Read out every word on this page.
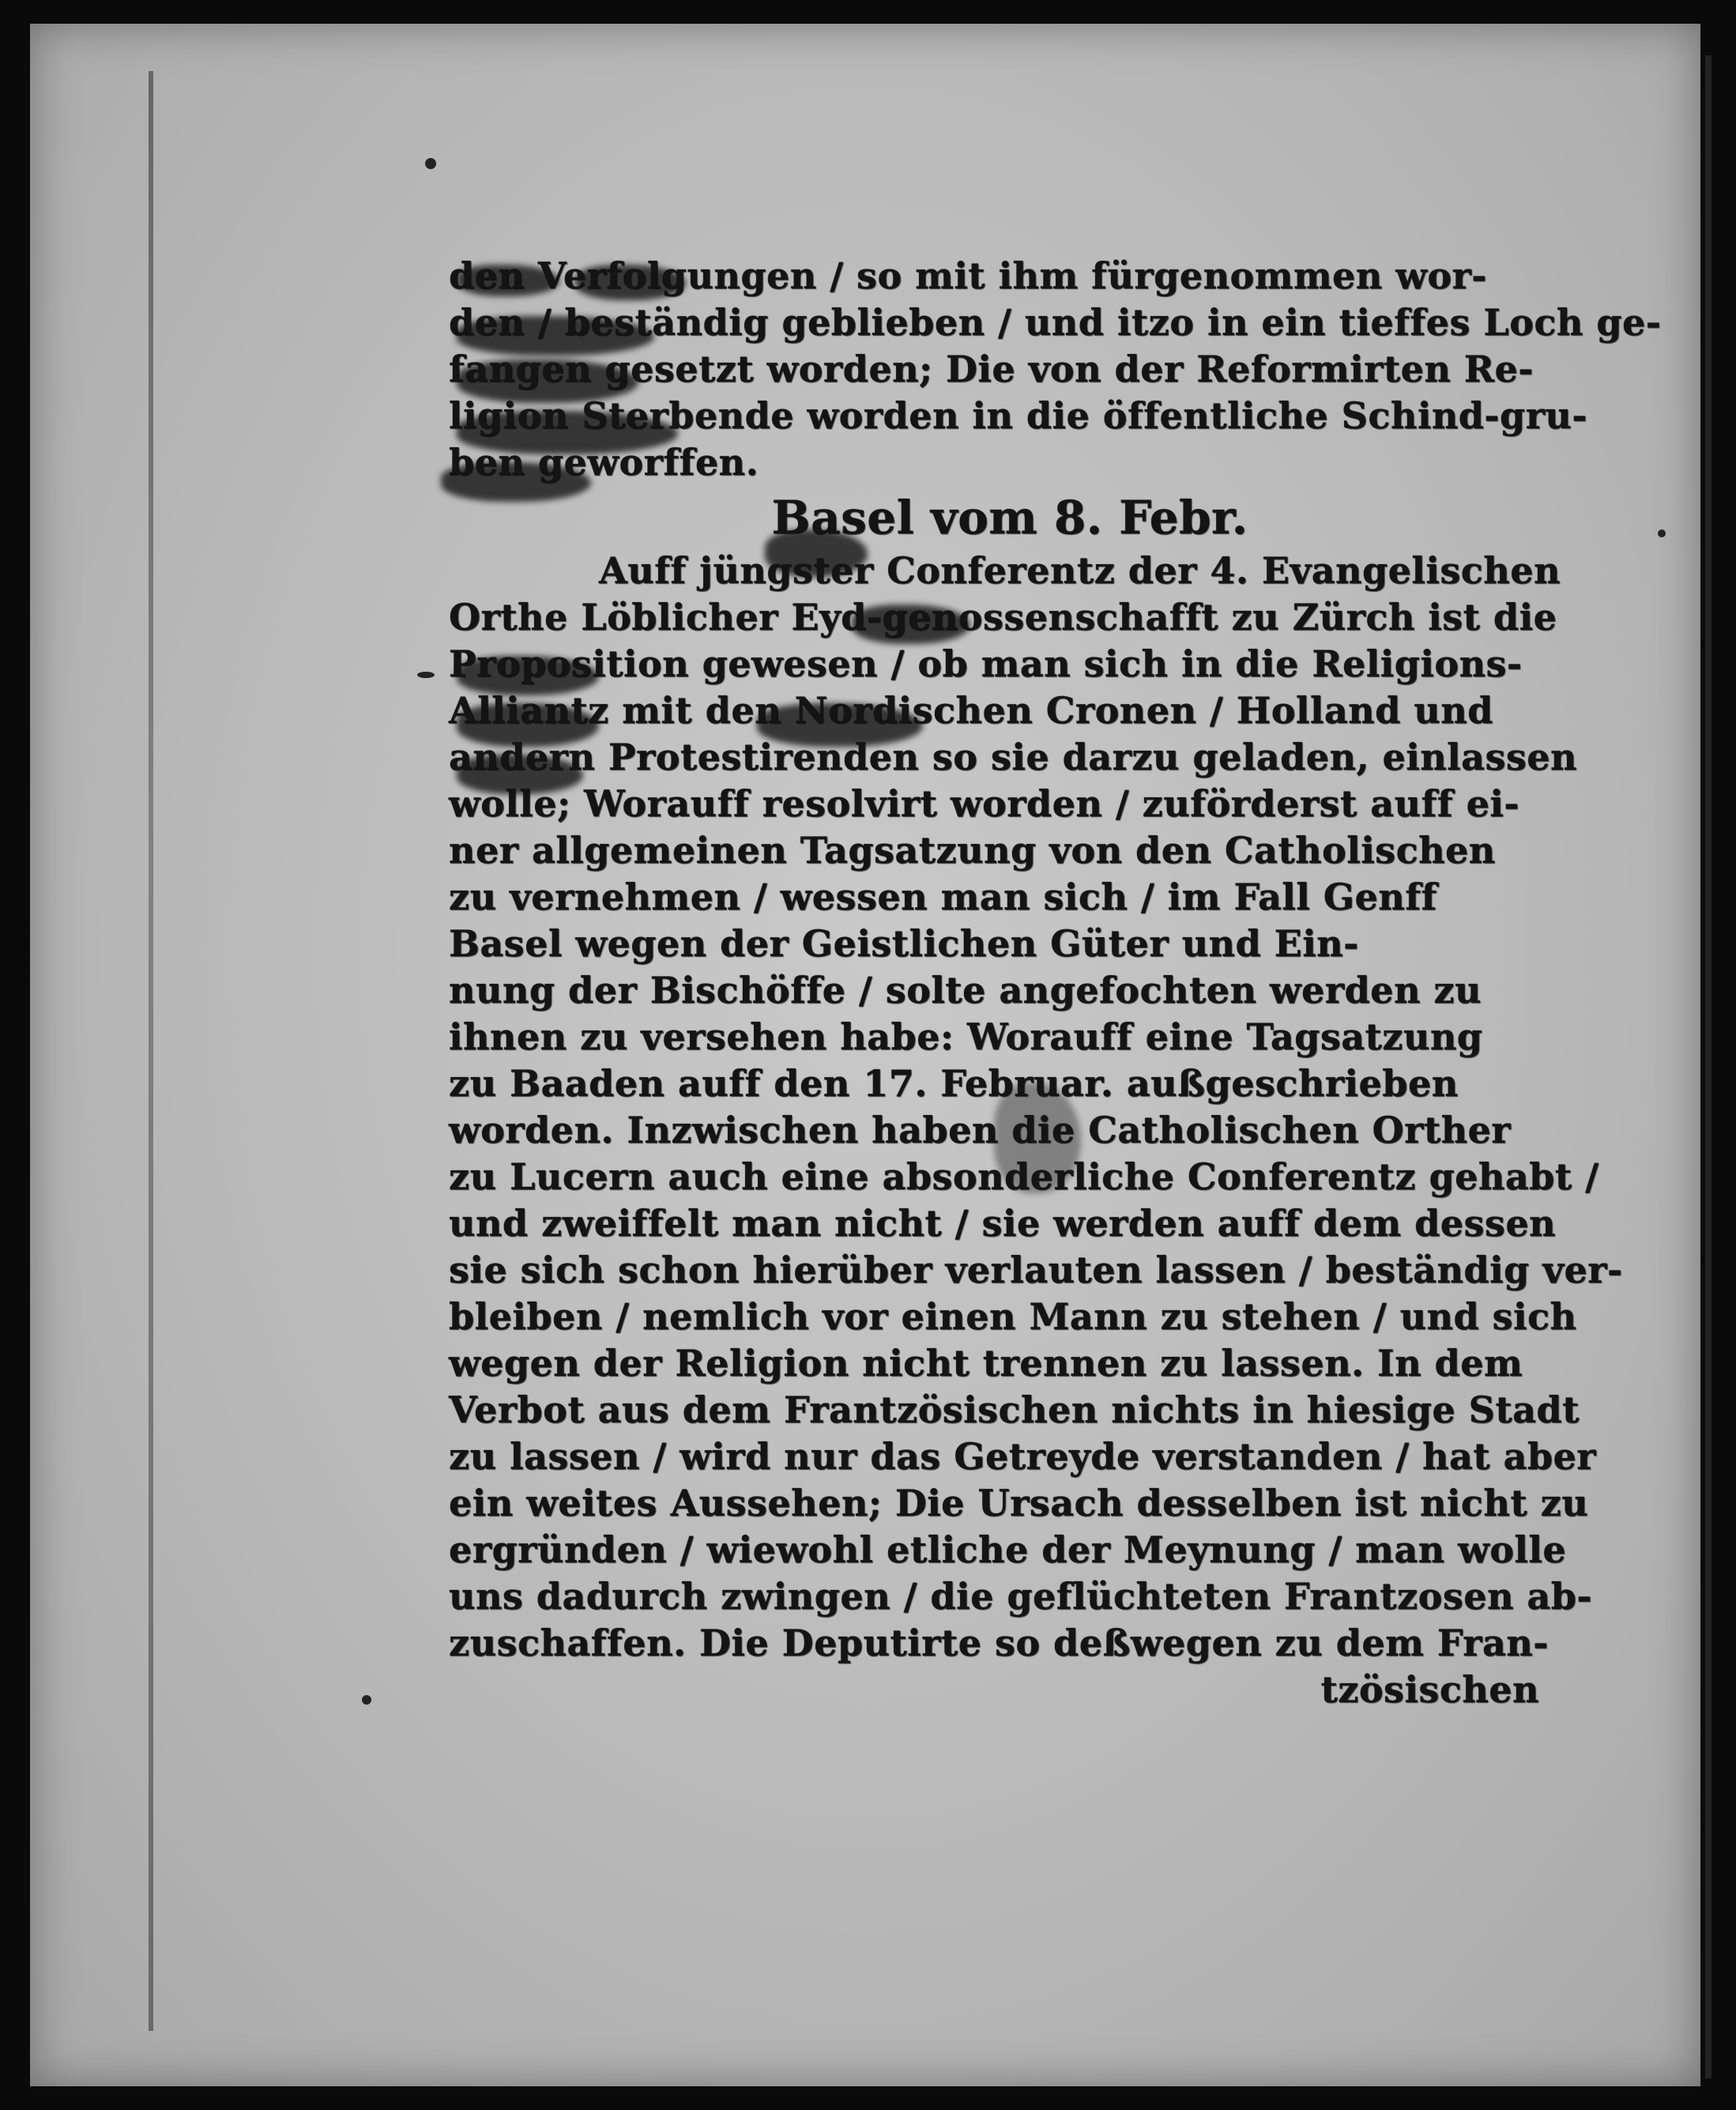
den Verfolgungen / so mit ihm fürgenommen wor-
den / beständig geblieben / und itzo in ein tieffes Loch ge-
fangen gesetzt worden; Die von der Reformirten Re-
ligion Sterbende worden in die öffentliche Schind-gru-
ben geworffen.
Basel vom 8. Febr.
Auff jüngster Conferentz der 4. Evangelischen
Orthe Löblicher Eyd-genossenschafft zu Zürch ist die
Proposition gewesen / ob man sich in die Religions-
Alliantz mit den Nordischen Cronen / Holland und
andern Protestirenden so sie darzu geladen, einlassen
wolle; Worauff resolvirt worden / zuförderst auff ei-
ner allgemeinen Tagsatzung von den Catholischen
zu vernehmen / wessen man sich / im Fall Genff
Basel wegen der Geistlichen Güter und Ein-
nung der Bischöffe / solte angefochten werden zu
ihnen zu versehen habe: Worauff eine Tagsatzung
zu Baaden auff den 17. Februar. außgeschrieben
worden. Inzwischen haben die Catholischen Orther
zu Lucern auch eine absonderliche Conferentz gehabt /
und zweiffelt man nicht / sie werden auff dem dessen
sie sich schon hierüber verlauten lassen / beständig ver-
bleiben / nemlich vor einen Mann zu stehen / und sich
wegen der Religion nicht trennen zu lassen. In dem
Verbot aus dem Frantzösischen nichts in hiesige Stadt
zu lassen / wird nur das Getreyde verstanden / hat aber
ein weites Aussehen; Die Ursach desselben ist nicht zu
ergründen / wiewohl etliche der Meynung / man wolle
uns dadurch zwingen / die geflüchteten Frantzosen ab-
zuschaffen. Die Deputirte so deßwegen zu dem Fran-
tzösischen
